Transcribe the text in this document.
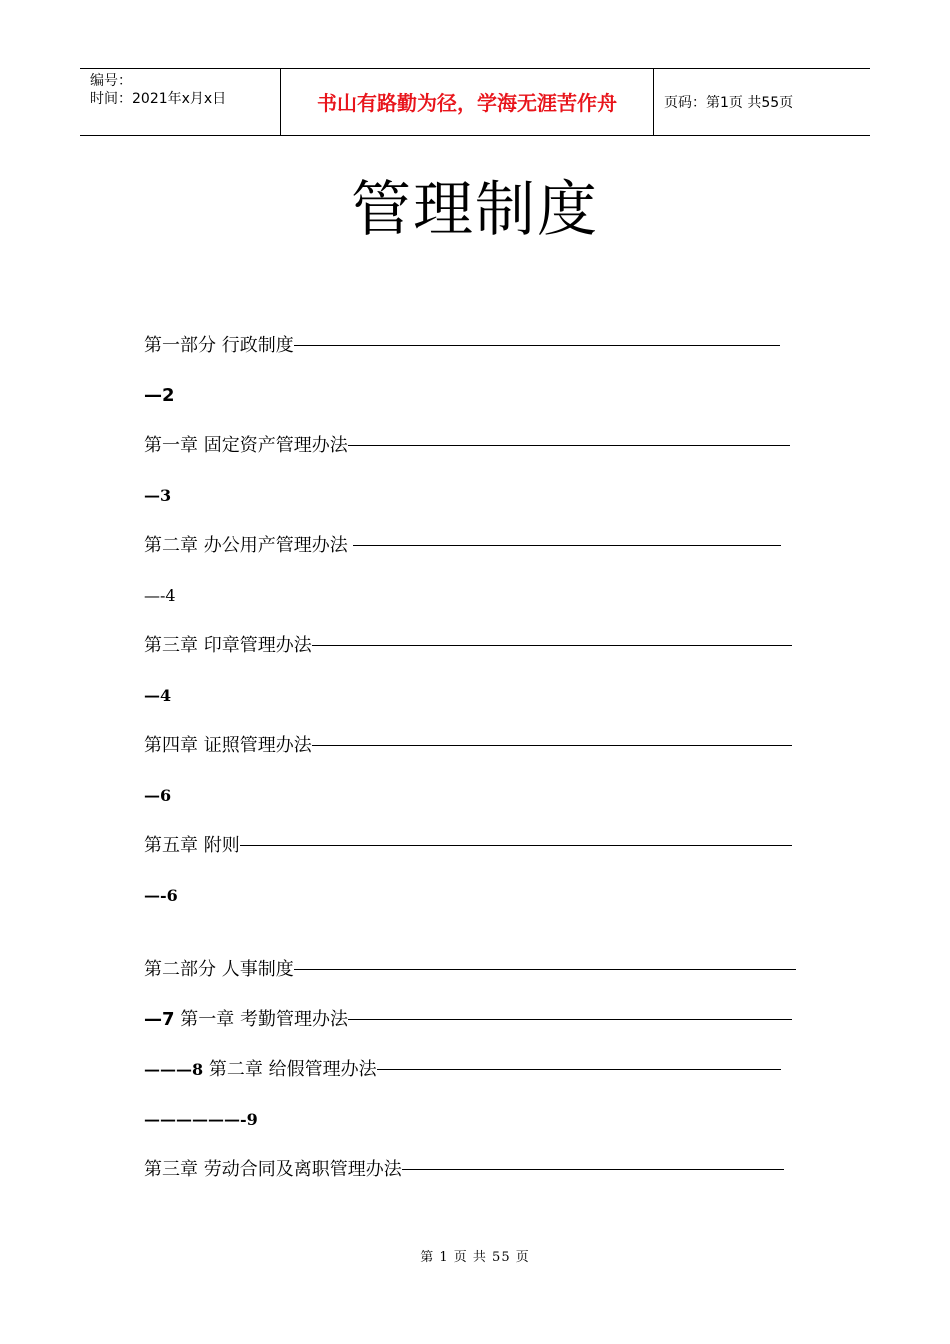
编号：
时间：2021年x月x日	书山有路勤为径，学海无涯苦作舟	页码：第1页 共55页
管理制度
第一部分 行政制度
—2
第一章 固定资产管理办法
—3
第二章 办公用产管理办法
—-4
第三章 印章管理办法
—4
第四章 证照管理办法
—6
第五章 附则
—-6
第二部分 人事制度
—7 第一章 考勤管理办法
———8 第二章 给假管理办法
——————-9
第三章 劳动合同及离职管理办法
第 1 页 共 55 页
